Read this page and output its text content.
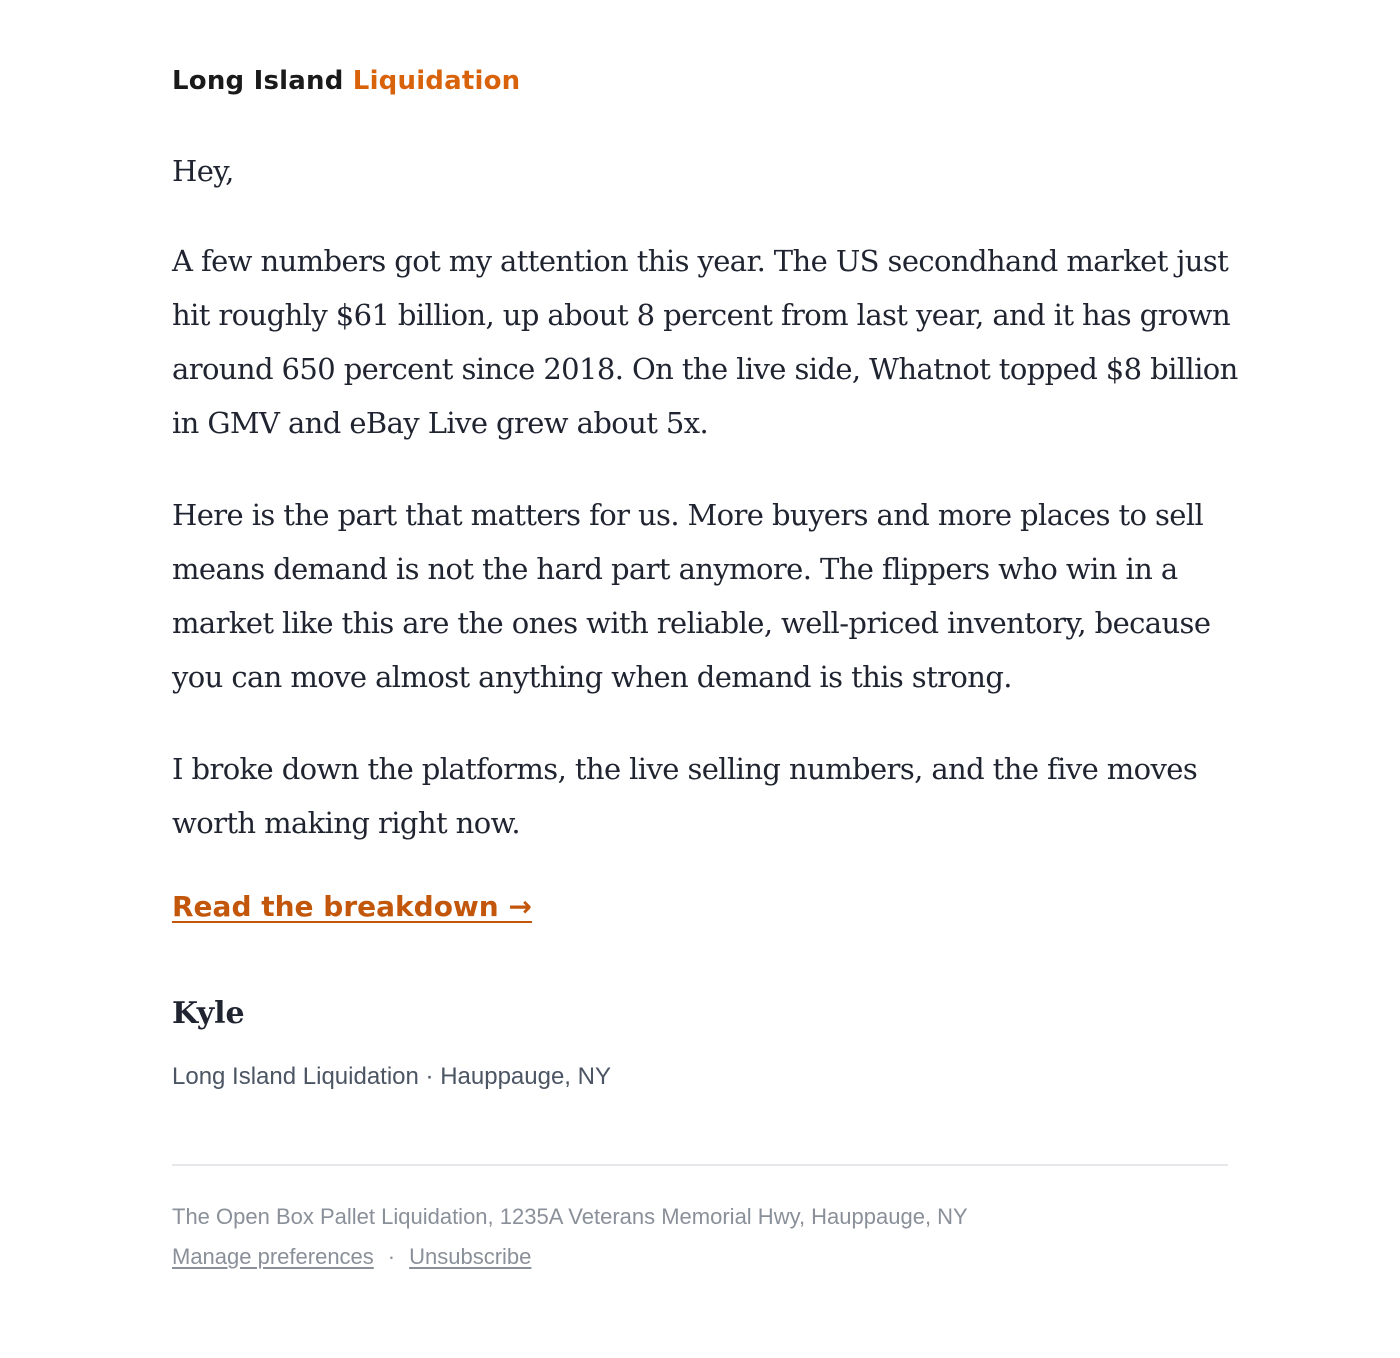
Long Island Liquidation

Hey,

A few numbers got my attention this year. The US secondhand market just hit roughly $61 billion, up about 8 percent from last year, and it has grown around 650 percent since 2018. On the live side, Whatnot topped $8 billion in GMV and eBay Live grew about 5x.

Here is the part that matters for us. More buyers and more places to sell means demand is not the hard part anymore. The flippers who win in a market like this are the ones with reliable, well-priced inventory, because you can move almost anything when demand is this strong.

I broke down the platforms, the live selling numbers, and the five moves worth making right now.

Read the breakdown →
Kyle
Long Island Liquidation · Hauppauge, NY
The Open Box Pallet Liquidation, 1235A Veterans Memorial Hwy, Hauppauge, NY
Manage preferences · Unsubscribe
